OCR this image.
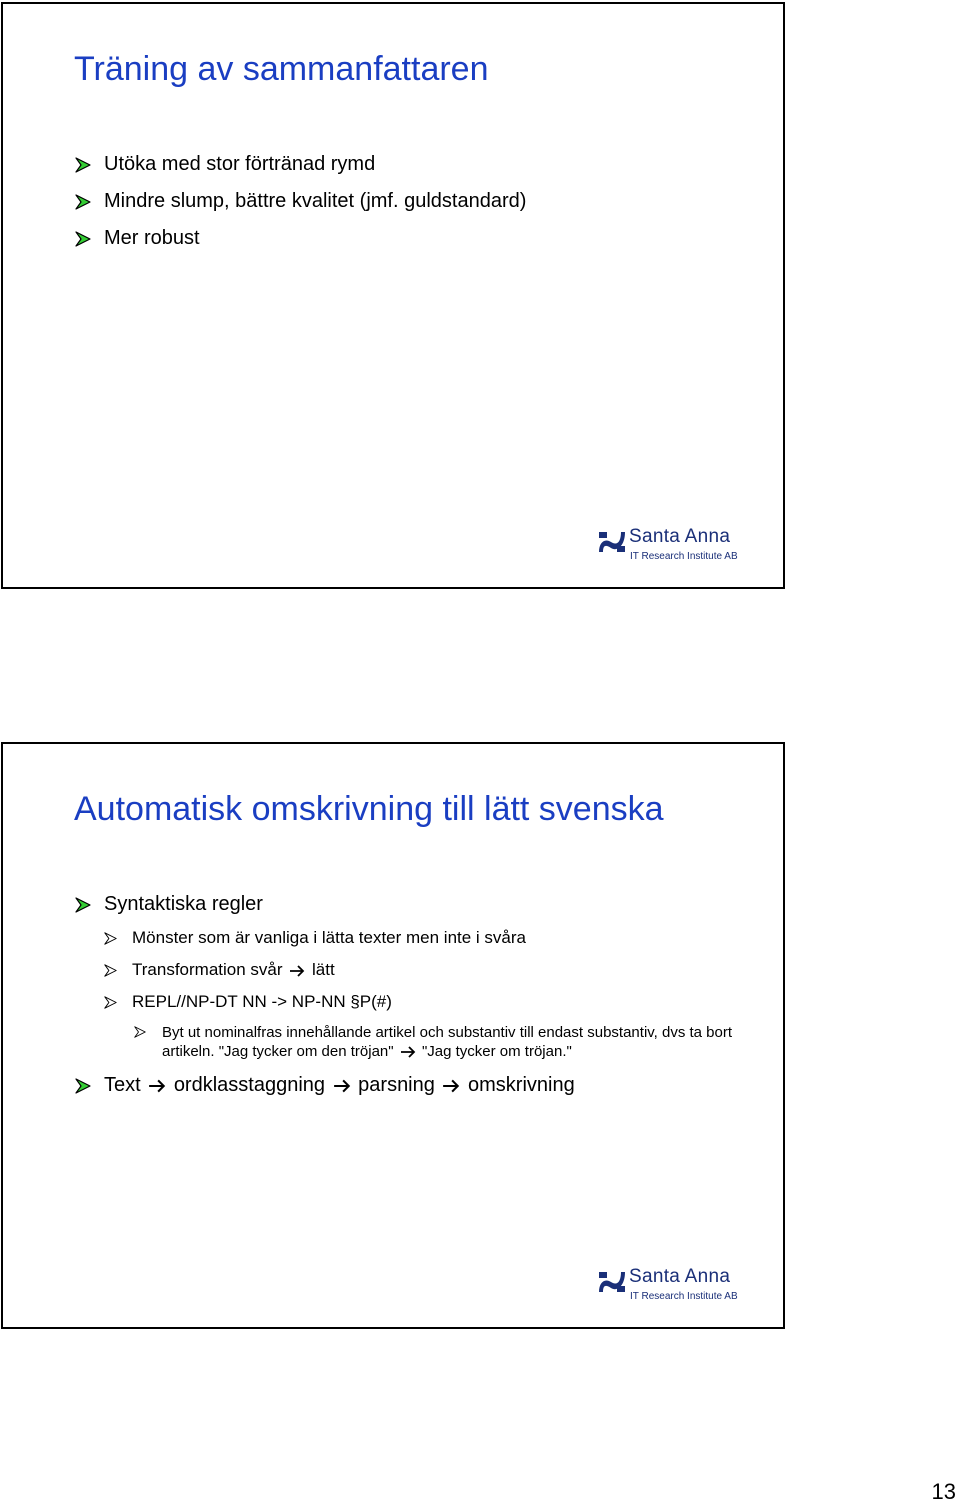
Träning av sammanfattaren
Utöka med stor förtränad rymd
Mindre slump, bättre kvalitet (jmf. guldstandard)
Mer robust
Santa Anna
IT Research Institute AB
Automatisk omskrivning till lätt svenska
Syntaktiska regler
Mönster som är vanliga i lätta texter men inte i svåra
Transformation svår lätt
REPL//NP-DT NN -> NP-NN §P(#)
Byt ut nominalfras innehållande artikel och substantiv till endast substantiv, dvs ta bort artikeln. "Jag tycker om den tröjan" "Jag tycker om tröjan."
Text ordklasstaggning parsning omskrivning
Santa Anna
IT Research Institute AB
13
